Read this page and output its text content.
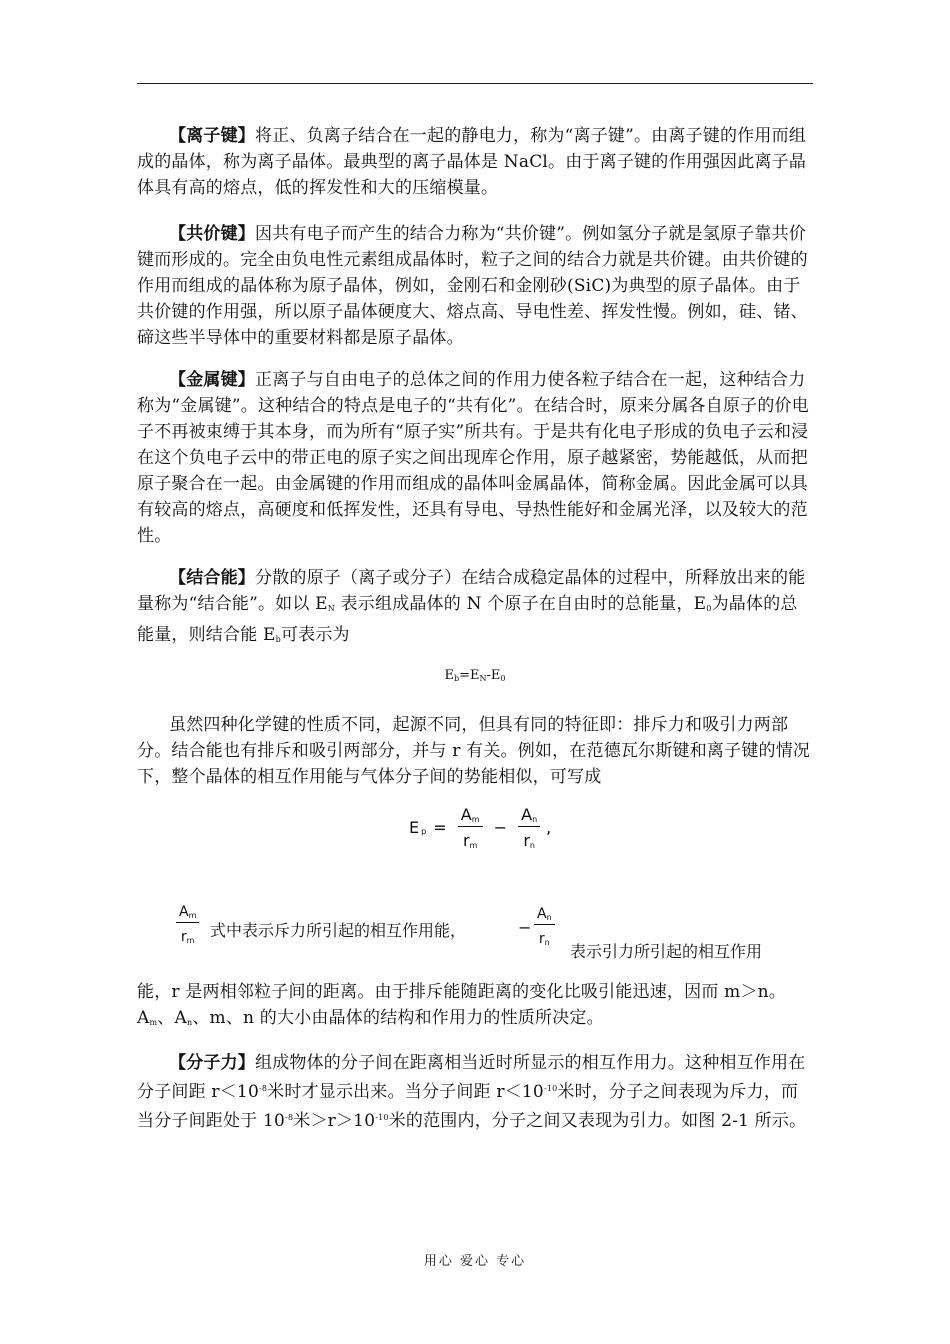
【离子键】将正、负离子结合在一起的静电力，称为“离子键”。由离子键的作用而组成的晶体，称为离子晶体。最典型的离子晶体是 NaCl。由于离子键的作用强因此离子晶体具有高的熔点，低的挥发性和大的压缩模量。

【共价键】因共有电子而产生的结合力称为“共价键”。例如氢分子就是氢原子靠共价键而形成的。完全由负电性元素组成晶体时，粒子之间的结合力就是共价键。由共价键的作用而组成的晶体称为原子晶体，例如，金刚石和金刚砂(SiC)为典型的原子晶体。由于共价键的作用强，所以原子晶体硬度大、熔点高、导电性差、挥发性慢。例如，硅、锗、碲这些半导体中的重要材料都是原子晶体。

【金属键】正离子与自由电子的总体之间的作用力使各粒子结合在一起，这种结合力称为“金属键”。这种结合的特点是电子的“共有化”。在结合时，原来分属各自原子的价电子不再被束缚于其本身，而为所有“原子实”所共有。于是共有化电子形成的负电子云和浸在这个负电子云中的带正电的原子实之间出现库仑作用，原子越紧密，势能越低，从而把原子聚合在一起。由金属键的作用而组成的晶体叫金属晶体，简称金属。因此金属可以具有较高的熔点，高硬度和低挥发性，还具有导电、导热性能好和金属光泽，以及较大的范性。

【结合能】分散的原子（离子或分子）在结合成稳定晶体的过程中，所释放出来的能量称为“结合能”。如以 $E_N$ 表示组成晶体的 N 个原子在自由时的总能量，$E_0$为晶体的总能量，则结合能 $E_b$可表示为

$E_b=E_N-E_0$

虽然四种化学键的性质不同，起源不同，但具有同的特征即：排斥力和吸引力两部分。结合能也有排斥和吸引两部分，并与 r 有关。例如，在范德瓦尔斯键和离子键的情况下，整个晶体的相互作用能与气体分子间的势能相似，可写成

E $_p = \frac{A_m}{r_m} - \frac{A_n}{r_n}$ ,
$\frac{A_m}{r_m}$ 式中表示斥力所引起的相互作用能，	− $\frac{A_n}{r_n}$
表示引力所引起的相互作用

能，r 是两相邻粒子间的距离。由于排斥能随距离的变化比吸引能迅速，因而 m＞n。$A_m$、$A_n$、m、n 的大小由晶体的结构和作用力的性质所决定。

【分子力】组成物体的分子间在距离相当近时所显示的相互作用力。这种相互作用在分子间距 $r<10^{-8}$米时才显示出来。当分子间距 $r<10^{-10}$米时，分子之间表现为斥力，而当分子间距处于 $10^{-8}$米$>r>10^{-10}$米的范围内，分子之间又表现为引力。如图 2-1 所示。

用心 爱心 专心
